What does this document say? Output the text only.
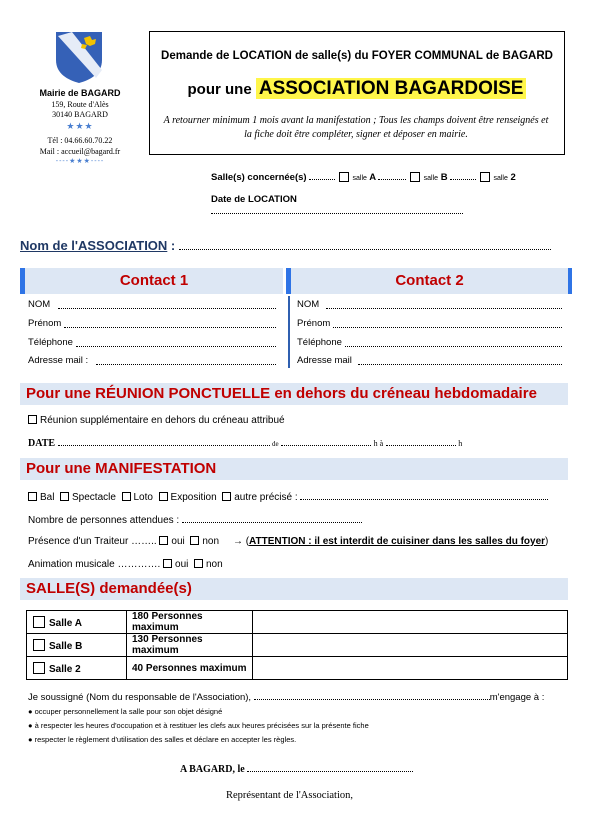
Mairie de BAGARD
159, Route d'Alès
30140 BAGARD
★★★
Tél : 04.66.60.70.22
Mail : accueil@bagard.fr
----★★★----
Demande de LOCATION de salle(s) du FOYER COMMUNAL de BAGARD
pour une ASSOCIATION BAGARDOISE
A retourner minimum 1 mois avant la manifestation ; Tous les champs doivent être renseignés et la fiche doit être compléter, signer et déposer en mairie.
Salle(s) concernée(s)	salle A	salle B	salle 2
Date de LOCATION
Nom de l'ASSOCIATION :
Contact 1	Contact 2
NOM
Prénom
Téléphone
Adresse mail :
NOM
Prénom
Téléphone
Adresse mail
Pour une RÉUNION PONCTUELLE en dehors du créneau hebdomadaire
Réunion supplémentaire en dehors du créneau attribué
DATE	de	h à	h
Pour une MANIFESTATION
Bal Spectacle Loto Exposition autre précisé :
Nombre de personnes attendues :
Présence d'un Traiteur …….. oui non → (ATTENTION : il est interdit de cuisiner dans les salles du foyer)
Animation musicale …………. oui non
SALLE(S) demandée(s)
Salle A	180 Personnes maximum	
Salle B	130 Personnes maximum	
Salle 2	40 Personnes maximum	
Je soussigné (Nom du responsable de l'Association),	m'engage à :
● occuper personnellement la salle pour son objet désigné
● à respecter les heures d'occupation et à restituer les clefs aux heures précisées sur la présente fiche
● respecter le règlement d'utilisation des salles et déclare en accepter les règles.
A BAGARD, le
Représentant de l'Association,
